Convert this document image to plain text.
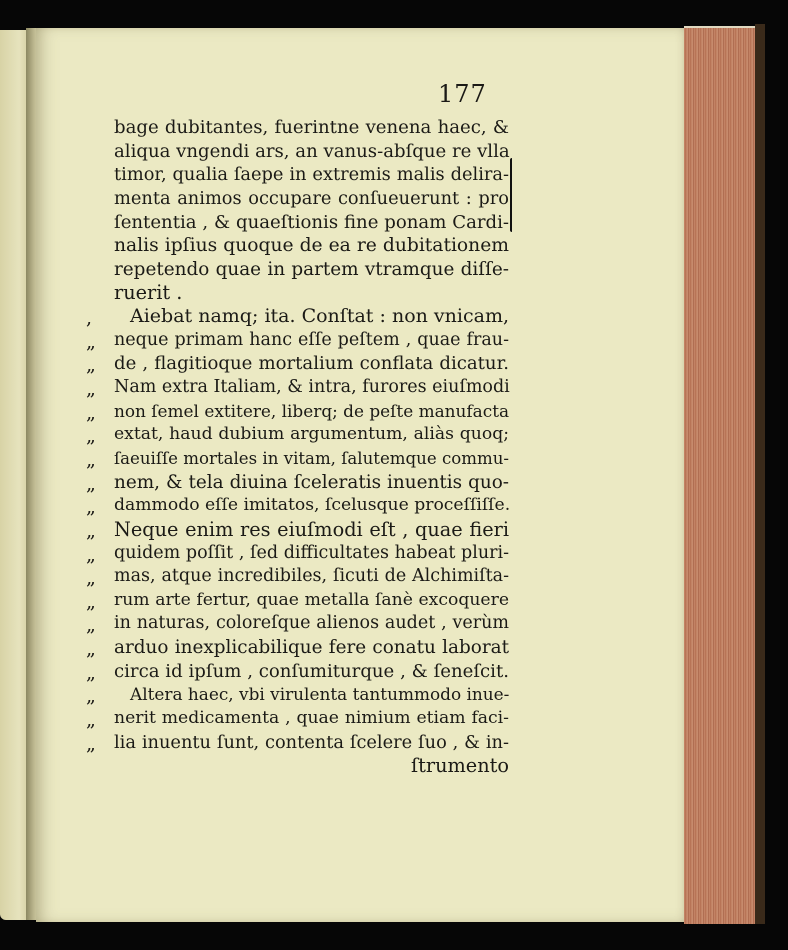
177
bage dubitantes, fuerintne venena haec, &
aliqua vngendi ars, an vanus-abſque re vlla
timor, qualia ſaepe in extremis malis delira-
menta animos occupare conſueuerunt : pro
ſententia , & quaeſtionis fine ponam Cardi-
nalis ipſius quoque de ea re dubitationem
repetendo quae in partem vtramque diſſe-
ruerit .
, Aiebat namq; ita. Conſtat : non vnicam,
„ neque primam hanc eſſe peſtem , quae frau-
„ de , flagitioque mortalium conflata dicatur.
„ Nam extra Italiam, & intra, furores eiuſmodi
„ non ſemel extitere, liberq; de peſte manufacta
„ extat, haud dubium argumentum, aliàs quoq;
„ ſaeuiſſe mortales in vitam, ſalutemque commu-
„ nem, & tela diuina ſceleratis inuentis quo-
„ dammodo eſſe imitatos, ſcelusque proceſſiſſe.
„ Neque enim res eiuſmodi eſt , quae fieri
„ quidem poſſit , ſed difficultates habeat pluri-
„ mas, atque incredibiles, ſicuti de Alchimiſta-
„ rum arte fertur, quae metalla ſanè excoquere
„ in naturas, coloreſque alienos audet , verùm
„ arduo inexplicabilique fere conatu laborat
„ circa id ipſum , conſumiturque , & ſeneſcit.
„ Altera haec, vbi virulenta tantummodo inue-
„ nerit medicamenta , quae nimium etiam faci-
„ lia inuentu ſunt, contenta ſcelere ſuo , & in-
ſtrumento
